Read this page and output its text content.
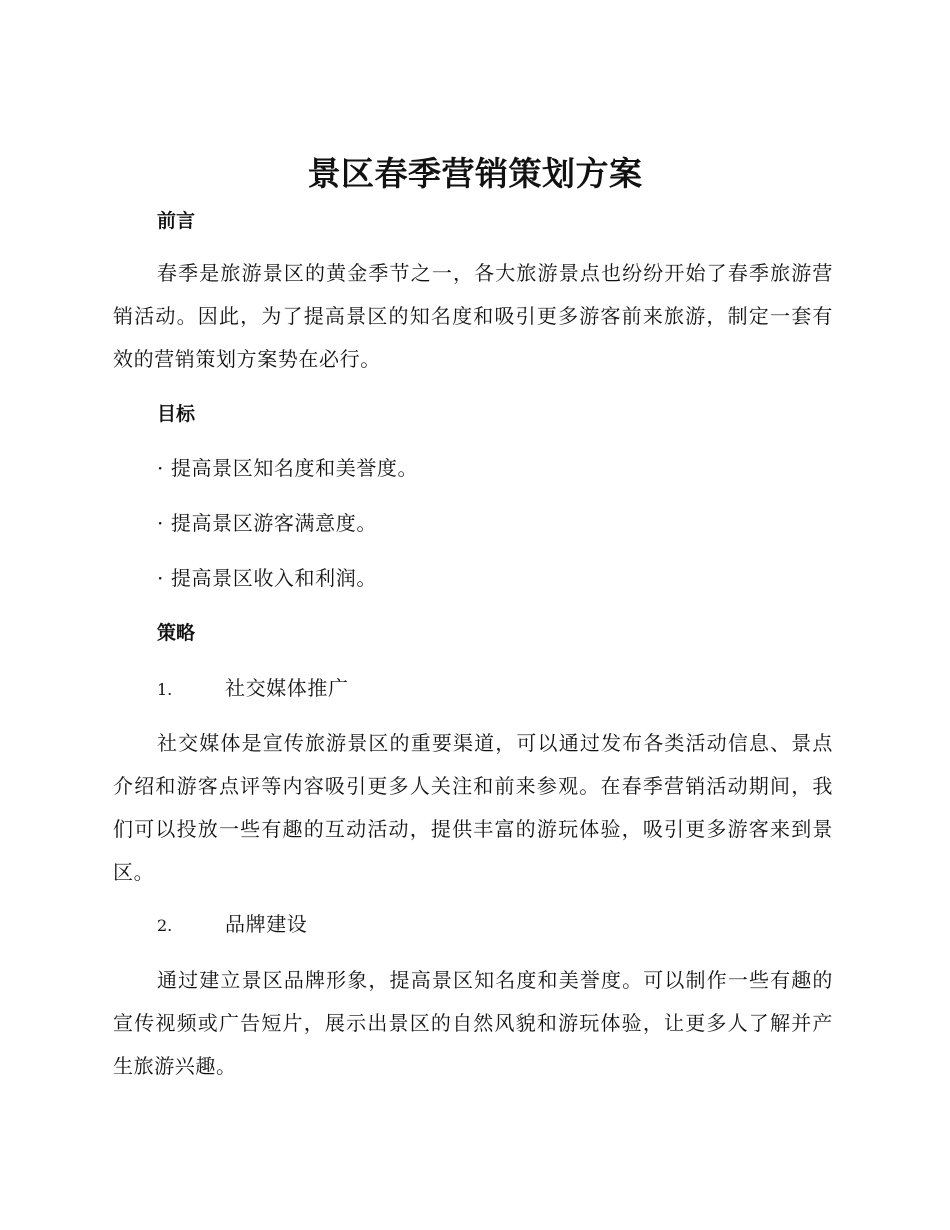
景区春季营销策划方案
前言

春季是旅游景区的黄金季节之一，各大旅游景点也纷纷开始了春季旅游营销活动。因此，为了提高景区的知名度和吸引更多游客前来旅游，制定一套有效的营销策划方案势在必行。

目标
· 提高景区知名度和美誉度。
· 提高景区游客满意度。
· 提高景区收入和利润。
策略
1.	社交媒体推广

社交媒体是宣传旅游景区的重要渠道，可以通过发布各类活动信息、景点介绍和游客点评等内容吸引更多人关注和前来参观。在春季营销活动期间，我们可以投放一些有趣的互动活动，提供丰富的游玩体验，吸引更多游客来到景区。

2.	品牌建设

通过建立景区品牌形象，提高景区知名度和美誉度。可以制作一些有趣的宣传视频或广告短片，展示出景区的自然风貌和游玩体验，让更多人了解并产生旅游兴趣。
